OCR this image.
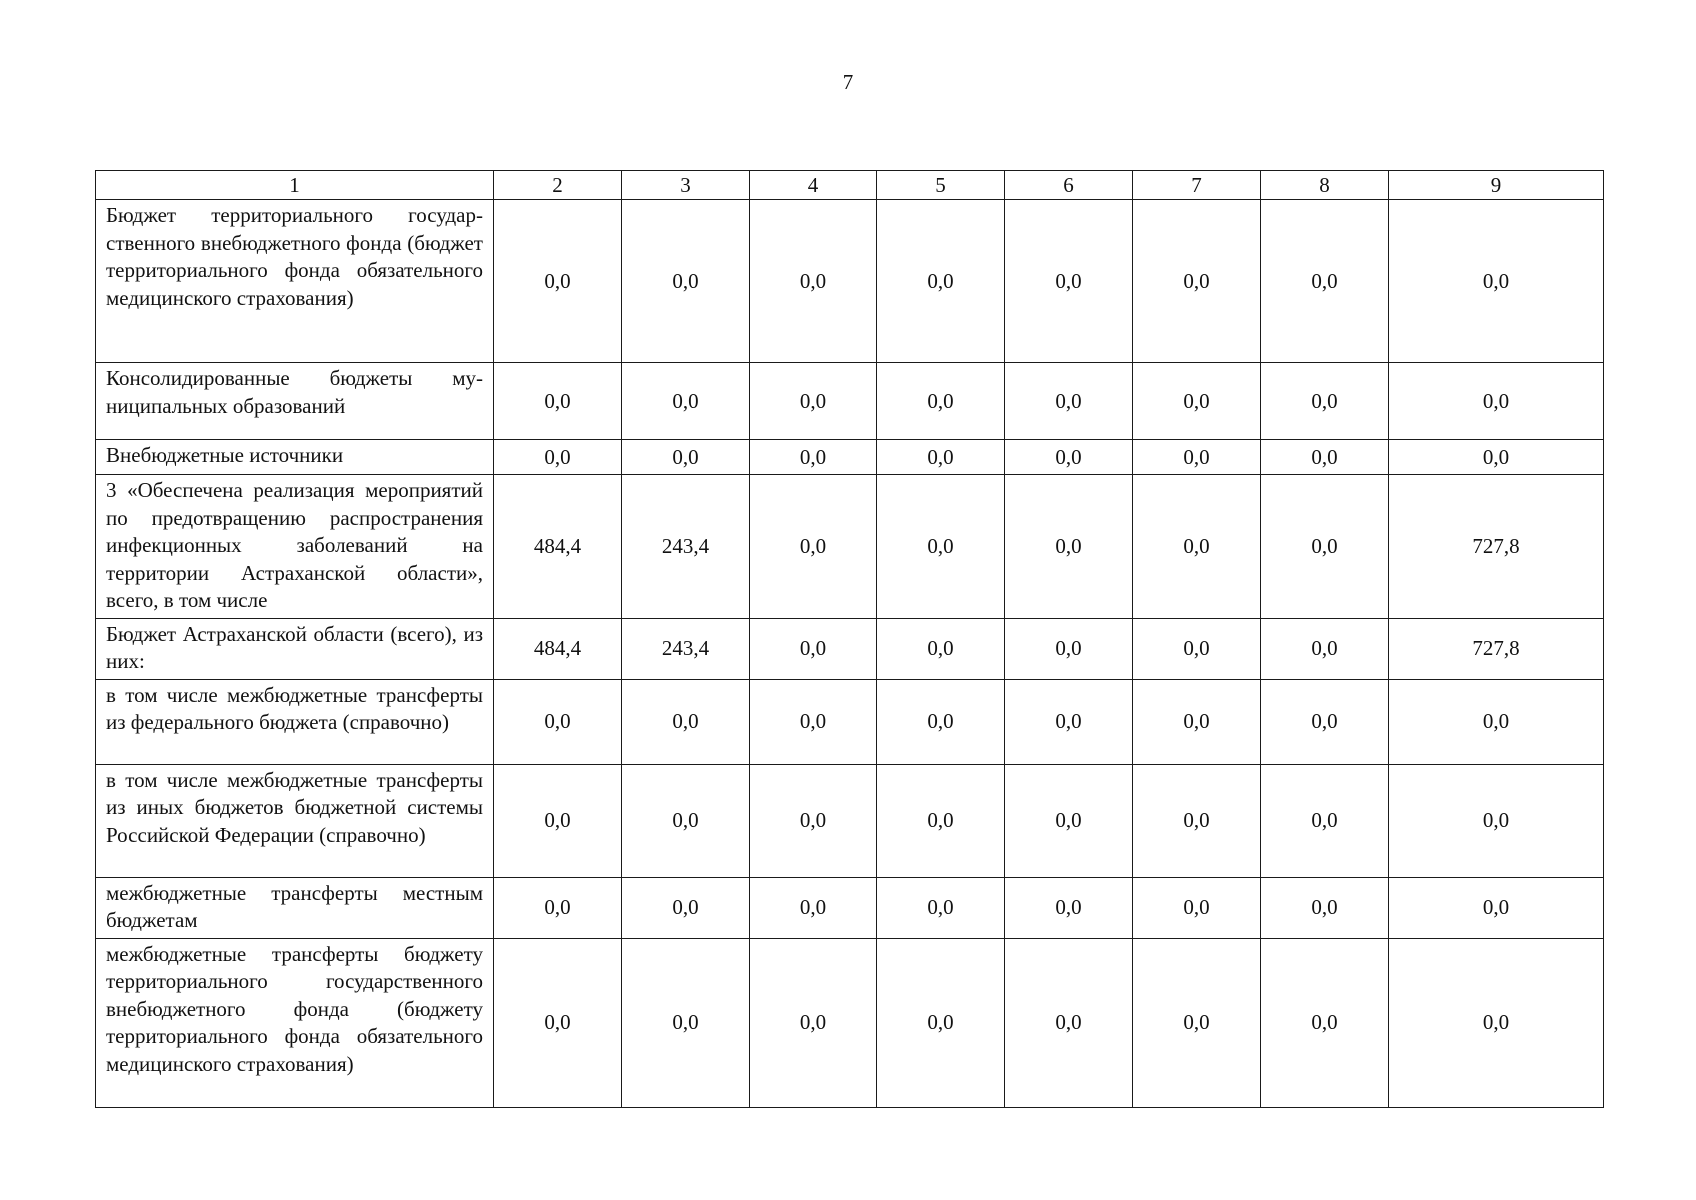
7
1	2	3	4	5	6	7	8	9
Бюджет территориального государственного внебюджетного фонда (бюджет территориального фонда обязательного медицинского страхования)	0,0	0,0	0,0	0,0	0,0	0,0	0,0	0,0
Консолидированные бюджеты муниципальных образований	0,0	0,0	0,0	0,0	0,0	0,0	0,0	0,0
Внебюджетные источники	0,0	0,0	0,0	0,0	0,0	0,0	0,0	0,0
3 «Обеспечена реализация мероприятий по предотвращению распространения инфекционных заболеваний на территории Астраханской области», всего, в том числе	484,4	243,4	0,0	0,0	0,0	0,0	0,0	727,8
Бюджет Астраханской области (всего), из них:	484,4	243,4	0,0	0,0	0,0	0,0	0,0	727,8
в том числе межбюджетные трансферты из федерального бюджета (справочно)	0,0	0,0	0,0	0,0	0,0	0,0	0,0	0,0
в том числе межбюджетные трансферты из иных бюджетов бюджетной системы Российской Федерации (справочно)	0,0	0,0	0,0	0,0	0,0	0,0	0,0	0,0
межбюджетные трансферты местным бюджетам	0,0	0,0	0,0	0,0	0,0	0,0	0,0	0,0
межбюджетные трансферты бюджету территориального государственного внебюджетного фонда (бюджету территориального фонда обязательного медицинского страхования)	0,0	0,0	0,0	0,0	0,0	0,0	0,0	0,0
